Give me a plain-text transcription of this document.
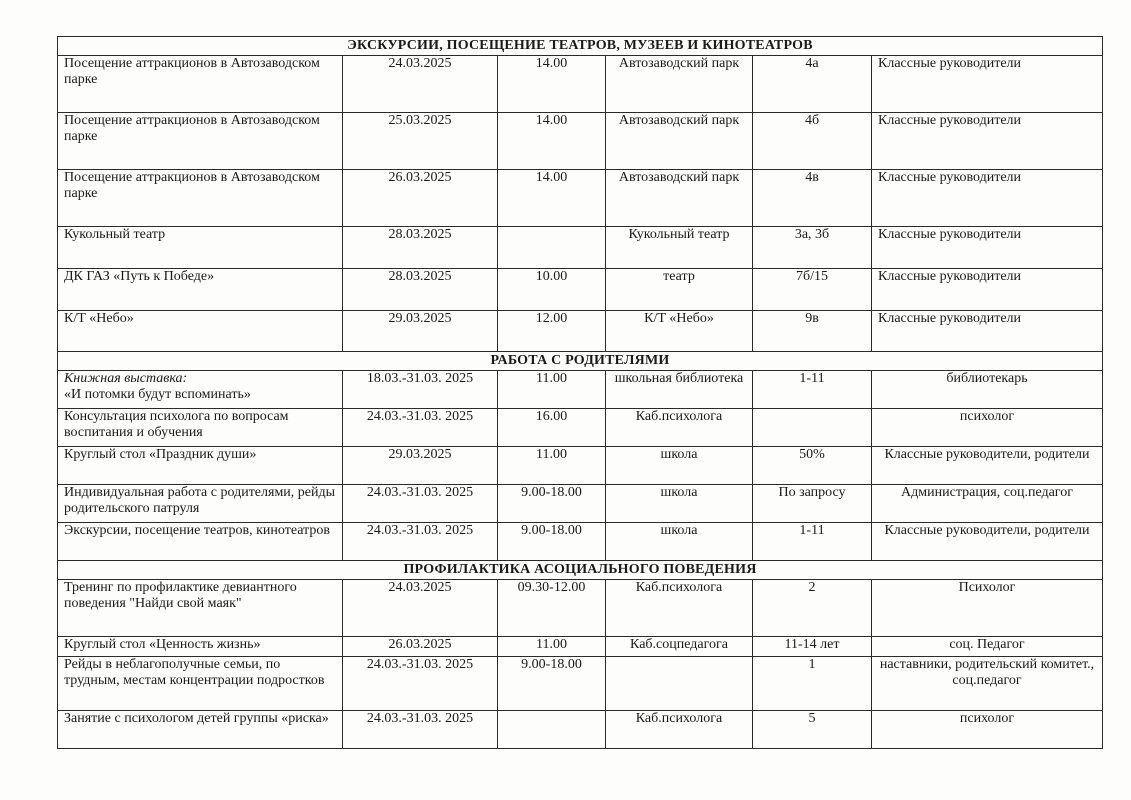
ЭКСКУРСИИ, ПОСЕЩЕНИЕ ТЕАТРОВ, МУЗЕЕВ И КИНОТЕАТРОВ					
Посещение аттракционов в Автозаводском парке	24.03.2025	14.00	Автозаводский парк	4а	Классные руководители
Посещение аттракционов в Автозаводском парке	25.03.2025	14.00	Автозаводский парк	4б	Классные руководители
Посещение аттракционов в Автозаводском парке	26.03.2025	14.00	Автозаводский парк	4в	Классные руководители
Кукольный театр	28.03.2025		Кукольный театр	3а, 3б	Классные руководители
ДК ГАЗ «Путь к Победе»	28.03.2025	10.00	театр	7б/15	Классные руководители
К/Т «Небо»	29.03.2025	12.00	К/Т «Небо»	9в	Классные руководители
РАБОТА С РОДИТЕЛЯМИ					

Книжная выставка:
«И потомки будут вспоминать»	18.03.-31.03. 2025	11.00	школьная библиотека	1-11	библиотекарь
Консультация психолога по вопросам воспитания и обучения	24.03.-31.03. 2025	16.00	Каб.психолога		психолог
Круглый стол «Праздник души»	29.03.2025	11.00	школа	50%	Классные руководители, родители
Индивидуальная работа с родителями, рейды родительского патруля	24.03.-31.03. 2025	9.00-18.00	школа	По запросу	Администрация, соц.педагог
Экскурсии, посещение театров, кинотеатров	24.03.-31.03. 2025	9.00-18.00	школа	1-11	Классные руководители, родители
ПРОФИЛАКТИКА АСОЦИАЛЬНОГО ПОВЕДЕНИЯ					
Тренинг по профилактике девиантного поведения "Найди свой маяк"	24.03.2025	09.30-12.00	Каб.психолога	2	Психолог
Круглый стол «Ценность жизнь»	26.03.2025	11.00	Каб.соцпедагога	11-14 лет	соц. Педагог
Рейды в неблагополучные семьи, по трудным, местам концентрации подростков	24.03.-31.03. 2025	9.00-18.00		1	наставники, родительский комитет., соц.педагог
Занятие с психологом детей группы «риска»	24.03.-31.03. 2025		Каб.психолога	5	психолог
